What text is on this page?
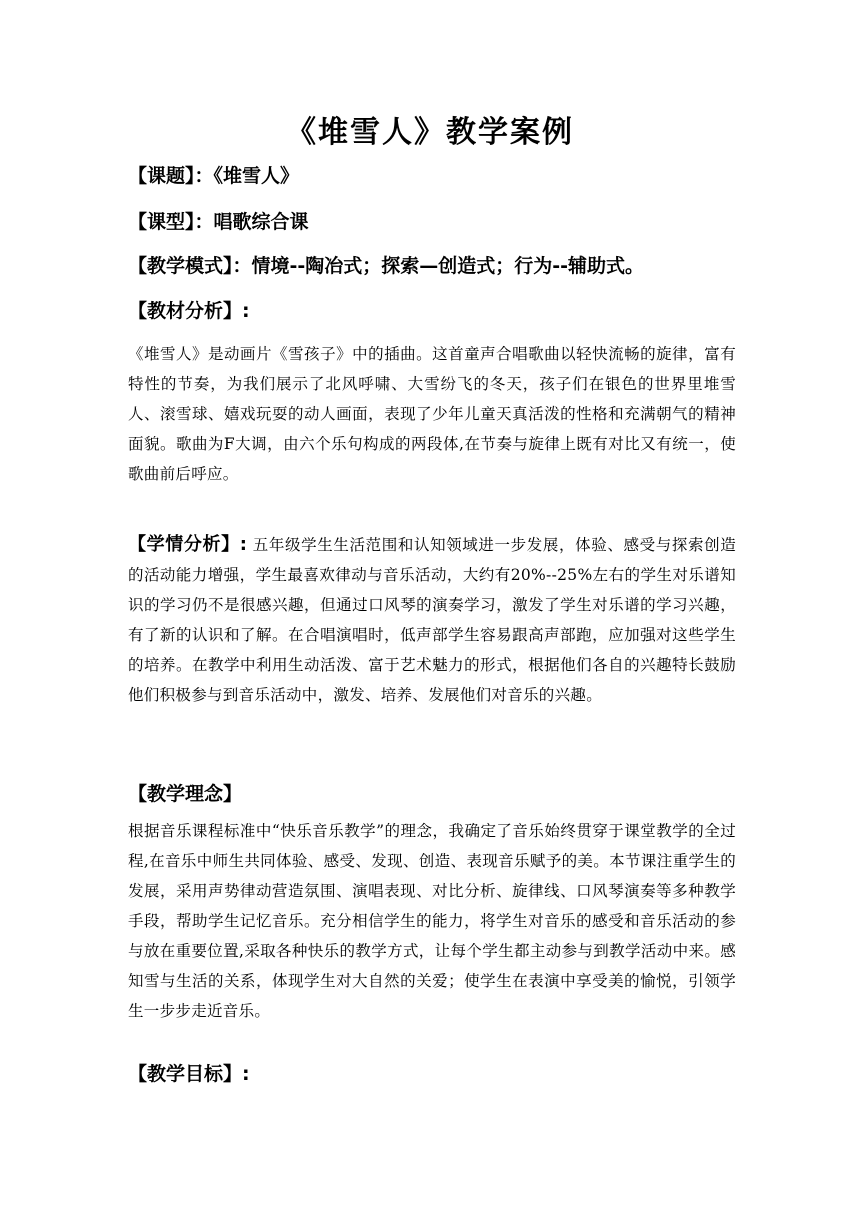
《堆雪人》教学案例
【课题】：《堆雪人》
【课型】：唱歌综合课
【教学模式】：情境--陶冶式；探索—创造式；行为--辅助式。
【教材分析】:
《堆雪人》是动画片《雪孩子》中的插曲。这首童声合唱歌曲以轻快流畅的旋律，富有特性的节奏，为我们展示了北风呼啸、大雪纷飞的冬天，孩子们在银色的世界里堆雪人、滚雪球、嬉戏玩耍的动人画面，表现了少年儿童天真活泼的性格和充满朝气的精神面貌。歌曲为F大调，由六个乐句构成的两段体,在节奏与旋律上既有对比又有统一，使歌曲前后呼应。
【学情分析】: 五年级学生生活范围和认知领域进一步发展，体验、感受与探索创造的活动能力增强，学生最喜欢律动与音乐活动，大约有20%--25%左右的学生对乐谱知识的学习仍不是很感兴趣，但通过口风琴的演奏学习，激发了学生对乐谱的学习兴趣，有了新的认识和了解。在合唱演唱时，低声部学生容易跟高声部跑，应加强对这些学生的培养。在教学中利用生动活泼、富于艺术魅力的形式，根据他们各自的兴趣特长鼓励他们积极参与到音乐活动中，激发、培养、发展他们对音乐的兴趣。
【教学理念】
根据音乐课程标准中“快乐音乐教学”的理念，我确定了音乐始终贯穿于课堂教学的全过程,在音乐中师生共同体验、感受、发现、创造、表现音乐赋予的美。本节课注重学生的发展，采用声势律动营造氛围、演唱表现、对比分析、旋律线、口风琴演奏等多种教学手段，帮助学生记忆音乐。充分相信学生的能力，将学生对音乐的感受和音乐活动的参与放在重要位置,采取各种快乐的教学方式，让每个学生都主动参与到教学活动中来。感知雪与生活的关系，体现学生对大自然的关爱；使学生在表演中享受美的愉悦，引领学生一步步走近音乐。
【教学目标】:
